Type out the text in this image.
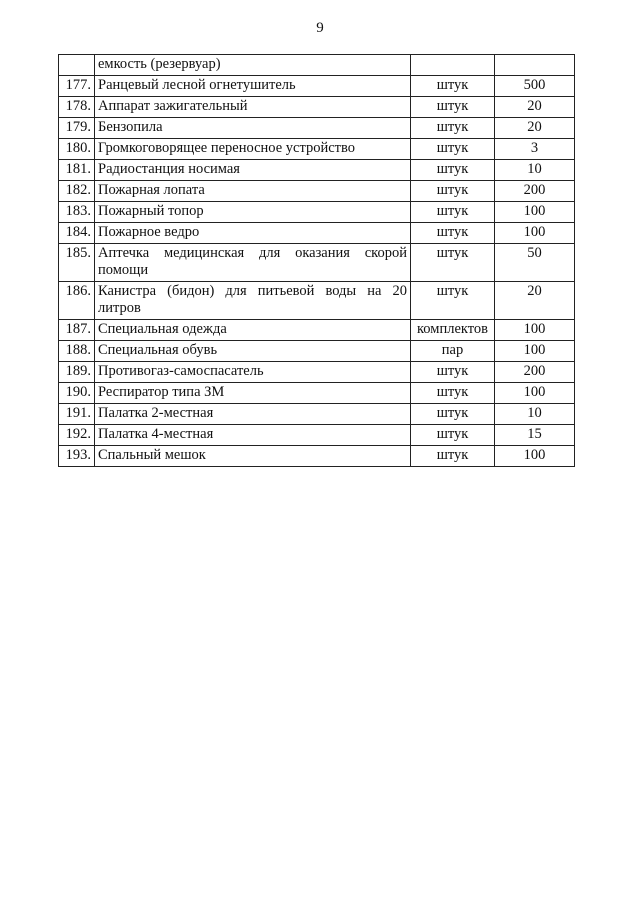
9
	емкость (резервуар)		
177.	Ранцевый лесной огнетушитель	штук	500
178.	Аппарат зажигательный	штук	20
179.	Бензопила	штук	20
180.	Громкоговорящее переносное устройство	штук	3
181.	Радиостанция носимая	штук	10
182.	Пожарная лопата	штук	200
183.	Пожарный топор	штук	100
184.	Пожарное ведро	штук	100
185.	Аптечка медицинская для оказания скорой помощи	штук	50
186.	Канистра (бидон) для питьевой воды на 20 литров	штук	20
187.	Специальная одежда	комплектов	100
188.	Специальная обувь	пар	100
189.	Противогаз-самоспасатель	штук	200
190.	Респиратор типа ЗМ	штук	100
191.	Палатка 2-местная	штук	10
192.	Палатка 4-местная	штук	15
193.	Спальный мешок	штук	100
